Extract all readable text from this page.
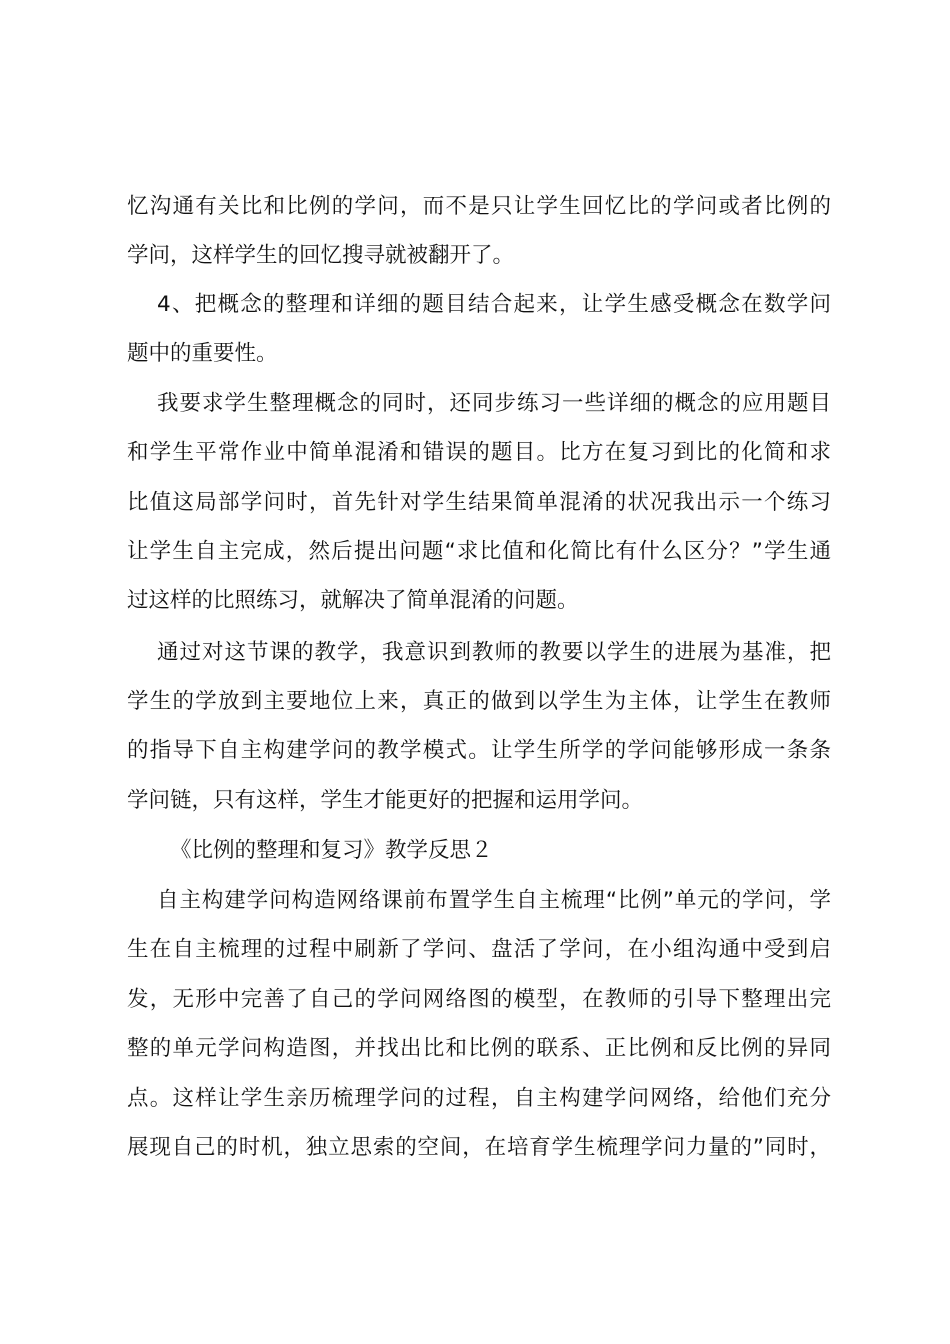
忆沟通有关比和比例的学问，而不是只让学生回忆比的学问或者比例的
学问，这样学生的回忆搜寻就被翻开了。
4、把概念的整理和详细的题目结合起来，让学生感受概念在数学问
题中的重要性。
我要求学生整理概念的同时，还同步练习一些详细的概念的应用题目
和学生平常作业中简单混淆和错误的题目。比方在复习到比的化简和求
比值这局部学问时，首先针对学生结果简单混淆的状况我出示一个练习
让学生自主完成，然后提出问题“求比值和化简比有什么区分？”学生通
过这样的比照练习，就解决了简单混淆的问题。
通过对这节课的教学，我意识到教师的教要以学生的进展为基准，把
学生的学放到主要地位上来，真正的做到以学生为主体，让学生在教师
的指导下自主构建学问的教学模式。让学生所学的学问能够形成一条条
学问链，只有这样，学生才能更好的把握和运用学问。
《比例的整理和复习》教学反思２
自主构建学问构造网络课前布置学生自主梳理“比例”单元的学问，学
生在自主梳理的过程中刷新了学问、盘活了学问，在小组沟通中受到启
发，无形中完善了自己的学问网络图的模型，在教师的引导下整理出完
整的单元学问构造图，并找出比和比例的联系、正比例和反比例的异同
点。这样让学生亲历梳理学问的过程，自主构建学问网络，给他们充分
展现自己的时机，独立思索的空间，在培育学生梳理学问力量的”同时，
